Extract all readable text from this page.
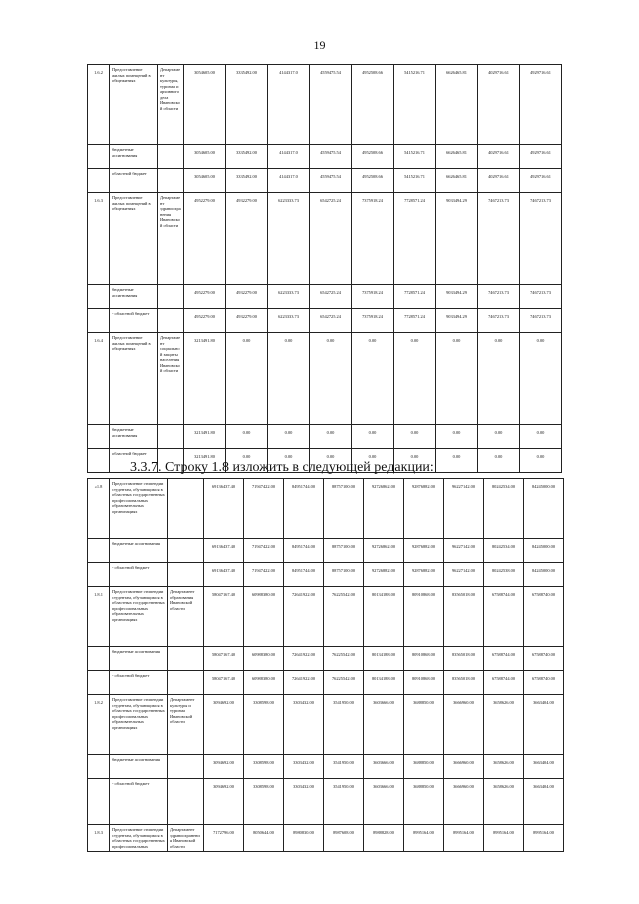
19
1.6.2	Предоставление жилых помещений в общежитиях	Департамент культуры, туризма и архивного дела Ивановской области	3054605.00	3335492.00	4144317.0	4559475.54	4952508.66	5415216.71	6626465.81	4029716.61	4929716.61
	бюджетные ассигнования		3054605.00	3335492.00	4144317.0	4559475.54	4952508.66	5415216.71	6626465.81	4029716.61	4929716.61
	областной бюджет		3054605.00	3335492.00	4144317.0	4559475.54	4952508.66	5415216.71	6626465.81	4029716.61	4929716.61
1.6.3	Предоставление жилых помещений в общежитиях	Департамент здравоохранения Ивановской области	4952279.00	4932279.00	6223333.73	6542725.24	7375918.24	7728571.24	9033494.29	7467213.73	7467213.73
	бюджетные ассигнования		4952279.00	4932279.00	6223333.73	6542725.24	7375918.24	7728571.24	9033494.29	7467213.73	7467213.73
	- областной бюджет		4952279.00	4932279.00	6223333.73	6542725.24	7375918.24	7728571.24	9033494.29	7467213.73	7467213.73
1.6.4	Предоставление жилых помещений в общежитиях	Департамент социальной защиты населения Ивановской области	3213491.80	0.00	0.00	0.00	0.00	0.00	0.00	0.00	0.00
	бюджетные ассигнования		3213491.80	0.00	0.00	0.00	0.00	0.00	0.00	0.00	0.00
	областной бюджет		3213491.80	0.00	0.00	0.00	0.00	0.00	0.00	0.00	0.00
3.3.7. Строку 1.8 изложить в следующей редакции:
«1.8	Предоставление стипендии студентам, обучающимся в областных государственных профессиональных образовательных организациях		69136437.40	71947422.00	84951744.00	88757100.00	92726862.00	92876882.00	96227142.00	80242534.00	84245000.00
	бюджетные ассигнования		69136437.40	71947422.00	84951744.00	88757100.00	92726862.00	92876882.00	96227142.00	80242534.00	84245000.00
	- областной бюджет		69136437.40	71947422.00	84951744.00	88757100.00	92726882.00	92876882.00	96227142.00	80242538.00	84245000.00
1.8.1	Предоставление стипендии студентам, обучающимся в областных государственных профессиональных образовательных организациях	Департамент образования Ивановской области	58047167.40	60988380.00	72641922.00	76225542.00	80134188.00	80910868.00	83565018.00	67588744.00	67588740.00
	бюджетные ассигнования		58047167.40	60988380.00	72641922.00	76225542.00	80134188.00	80910868.00	83565018.00	67588744.00	67588740.00
	- областной бюджет		58047167.40	60988380.00	72641922.00	76225542.00	80134188.00	80910868.00	83565018.00	67588744.00	67588740.00
1.8.2	Предоставление стипендии студентам, обучающимся в областных государственных профессиональных образовательных организациях	Департамент культуры и туризма Ивановской области	3094692.00	3308598.00	3303432.00	3541950.00	3603666.00	3688850.00	3666960.00	3658626.00	3663404.00
	бюджетные ассигнования		3094692.00	3308598.00	3303432.00	3541950.00	3603666.00	3688850.00	3666960.00	3658626.00	3663404.00
	- областной бюджет		3094692.00	3308598.00	3303432.00	3541950.00	3603666.00	3688850.00	3666960.00	3658626.00	3663404.00
1.8.3	Предоставление стипендии студентам, обучающимся в областных государственных профессиональных	Департамент здравоохранения Ивановской области	7172796.00	8050644.00	8980830.00	8987608.00	8988828.00	8995164.00	8995164.00	8995164.00	8995164.00
